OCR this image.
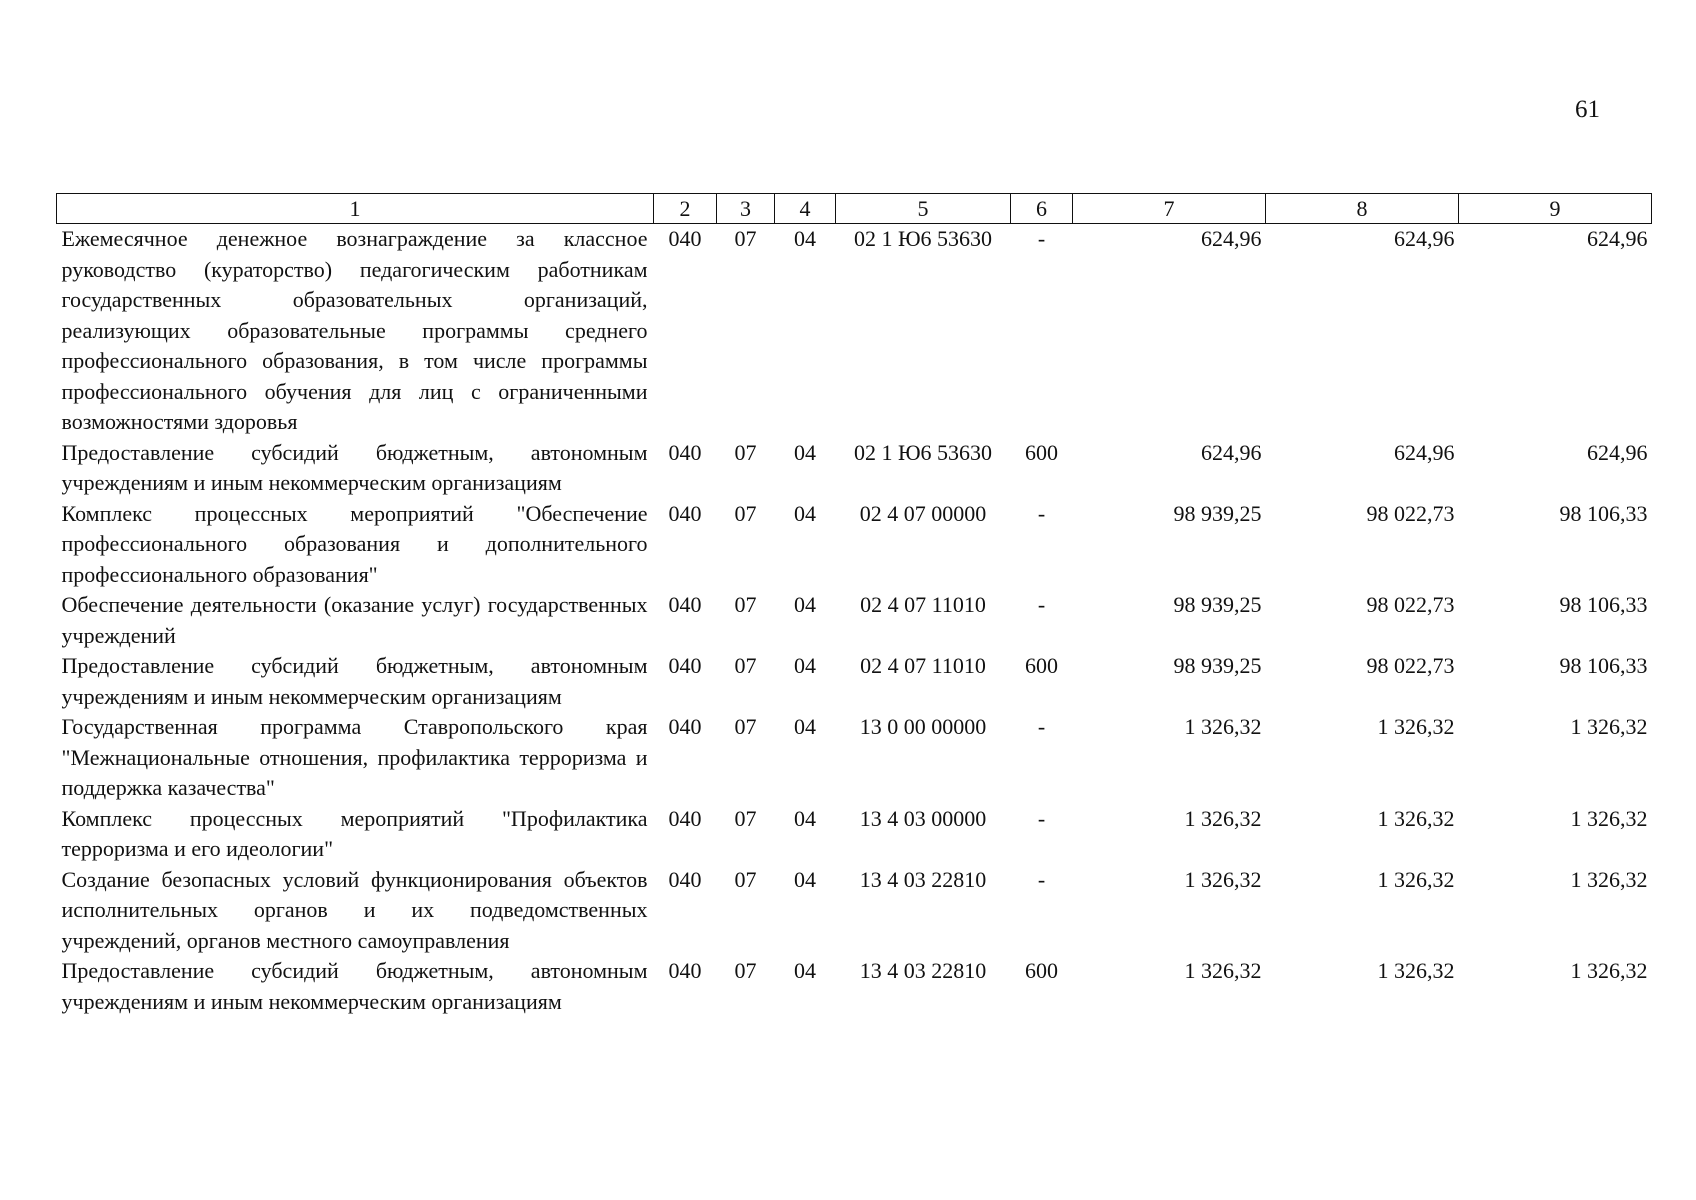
61
1	2	3	4	5	6	7	8	9
Ежемесячное денежное вознаграждение за классное руководство (кураторство) педагогическим работникам государственных образовательных организаций, реализующих образовательные программы среднего профессионального образования, в том числе программы профессионального обучения для лиц с ограниченными возможностями здоровья	040	07	04	02 1 Ю6 53630	-	624,96	624,96	624,96
Предоставление субсидий бюджетным, автономным учреждениям и иным некоммерческим организациям	040	07	04	02 1 Ю6 53630	600	624,96	624,96	624,96
Комплекс процессных мероприятий "Обеспечение профессионального образования и дополнительного профессионального образования"	040	07	04	02 4 07 00000	-	98 939,25	98 022,73	98 106,33
Обеспечение деятельности (оказание услуг) государственных учреждений	040	07	04	02 4 07 11010	-	98 939,25	98 022,73	98 106,33
Предоставление субсидий бюджетным, автономным учреждениям и иным некоммерческим организациям	040	07	04	02 4 07 11010	600	98 939,25	98 022,73	98 106,33
Государственная программа Ставропольского края "Межнациональные отношения, профилактика терроризма и поддержка казачества"	040	07	04	13 0 00 00000	-	1 326,32	1 326,32	1 326,32
Комплекс процессных мероприятий "Профилактика терроризма и его идеологии"	040	07	04	13 4 03 00000	-	1 326,32	1 326,32	1 326,32
Создание безопасных условий функционирования объектов исполнительных органов и их подведомственных учреждений, органов местного самоуправления	040	07	04	13 4 03 22810	-	1 326,32	1 326,32	1 326,32
Предоставление субсидий бюджетным, автономным учреждениям и иным некоммерческим организациям	040	07	04	13 4 03 22810	600	1 326,32	1 326,32	1 326,32
